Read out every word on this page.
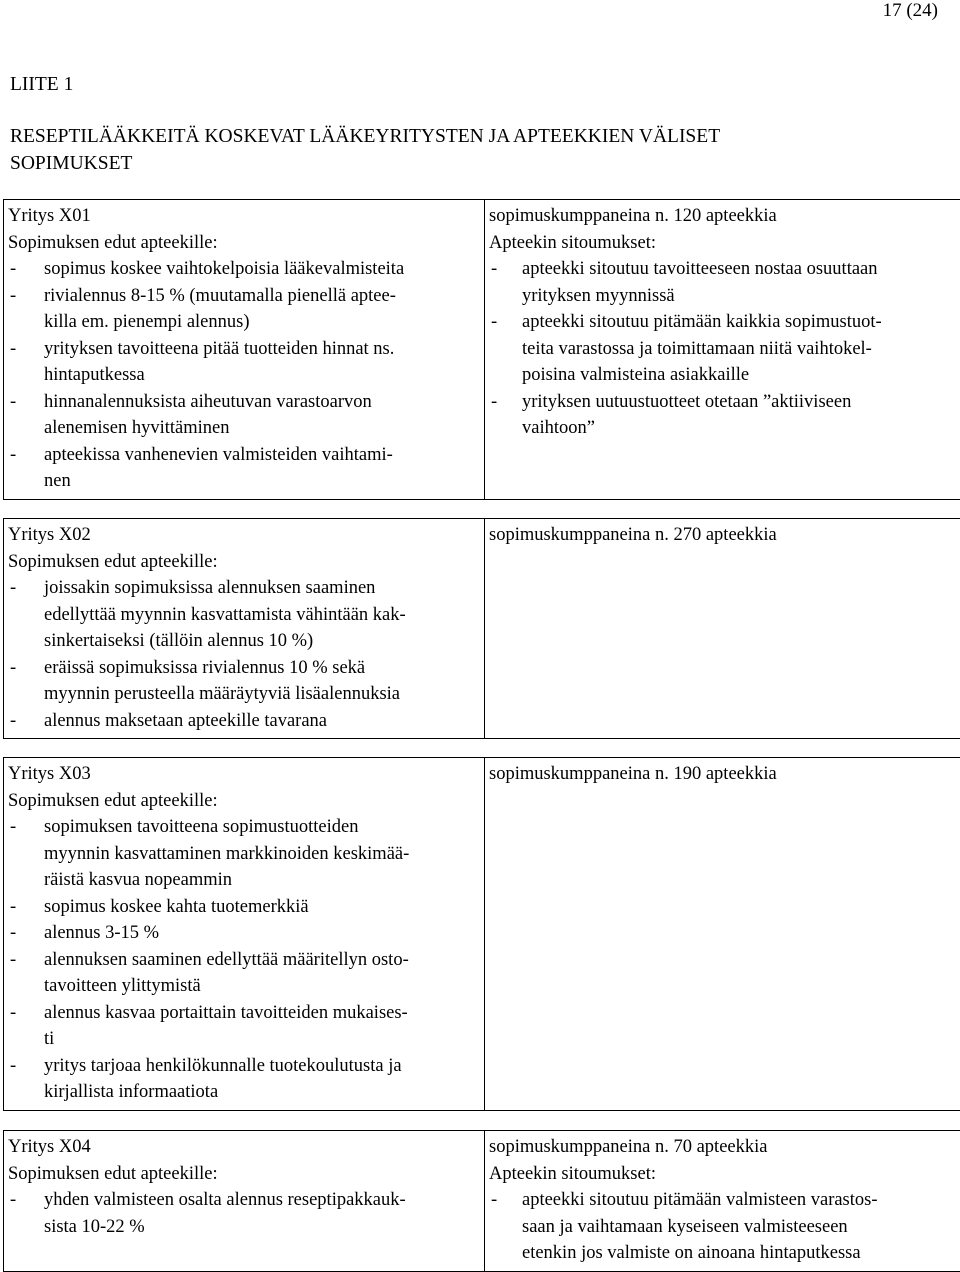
17 (24)
LIITE 1
RESEPTILÄÄKKEITÄ KOSKEVAT LÄÄKEYRITYSTEN JA APTEEKKIEN VÄLISET
SOPIMUKSET
Yritys X01
Sopimuksen edut apteekille:
- sopimus koskee vaihtokelpoisia lääkevalmisteita
- rivialennus 8-15 % (muutamalla pienellä aptee-
killa em. pienempi alennus)
- yrityksen tavoitteena pitää tuotteiden hinnat ns.
hintaputkessa
- hinnanalennuksista aiheutuvan varastoarvon
alenemisen hyvittäminen
- apteekissa vanhenevien valmisteiden vaihtami-
nen

sopimuskumppaneina n. 120 apteekkia
Apteekin sitoumukset:
- apteekki sitoutuu tavoitteeseen nostaa osuuttaan
yrityksen myynnissä
- apteekki sitoutuu pitämään kaikkia sopimustuot-
teita varastossa ja toimittamaan niitä vaihtokel-
poisina valmisteina asiakkaille
- yrityksen uutuustuotteet otetaan ”aktiiviseen
vaihtoon”
Yritys X02
Sopimuksen edut apteekille:
- joissakin sopimuksissa alennuksen saaminen
edellyttää myynnin kasvattamista vähintään kak-
sinkertaiseksi (tällöin alennus 10 %)
- eräissä sopimuksissa rivialennus 10 % sekä
myynnin perusteella määräytyviä lisäalennuksia
- alennus maksetaan apteekille tavarana

sopimuskumppaneina n. 270 apteekkia
Yritys X03
Sopimuksen edut apteekille:
- sopimuksen tavoitteena sopimustuotteiden
myynnin kasvattaminen markkinoiden keskimää-
räistä kasvua nopeammin
- sopimus koskee kahta tuotemerkkiä
- alennus 3-15 %
- alennuksen saaminen edellyttää määritellyn osto-
tavoitteen ylittymistä
- alennus kasvaa portaittain tavoitteiden mukaises-
ti
- yritys tarjoaa henkilökunnalle tuotekoulutusta ja
kirjallista informaatiota

sopimuskumppaneina n. 190 apteekkia
Yritys X04
Sopimuksen edut apteekille:
- yhden valmisteen osalta alennus reseptipakkauk-
sista 10-22 %

sopimuskumppaneina n. 70 apteekkia
Apteekin sitoumukset:
- apteekki sitoutuu pitämään valmisteen varastos-
saan ja vaihtamaan kyseiseen valmisteeseen
etenkin jos valmiste on ainoana hintaputkessa
